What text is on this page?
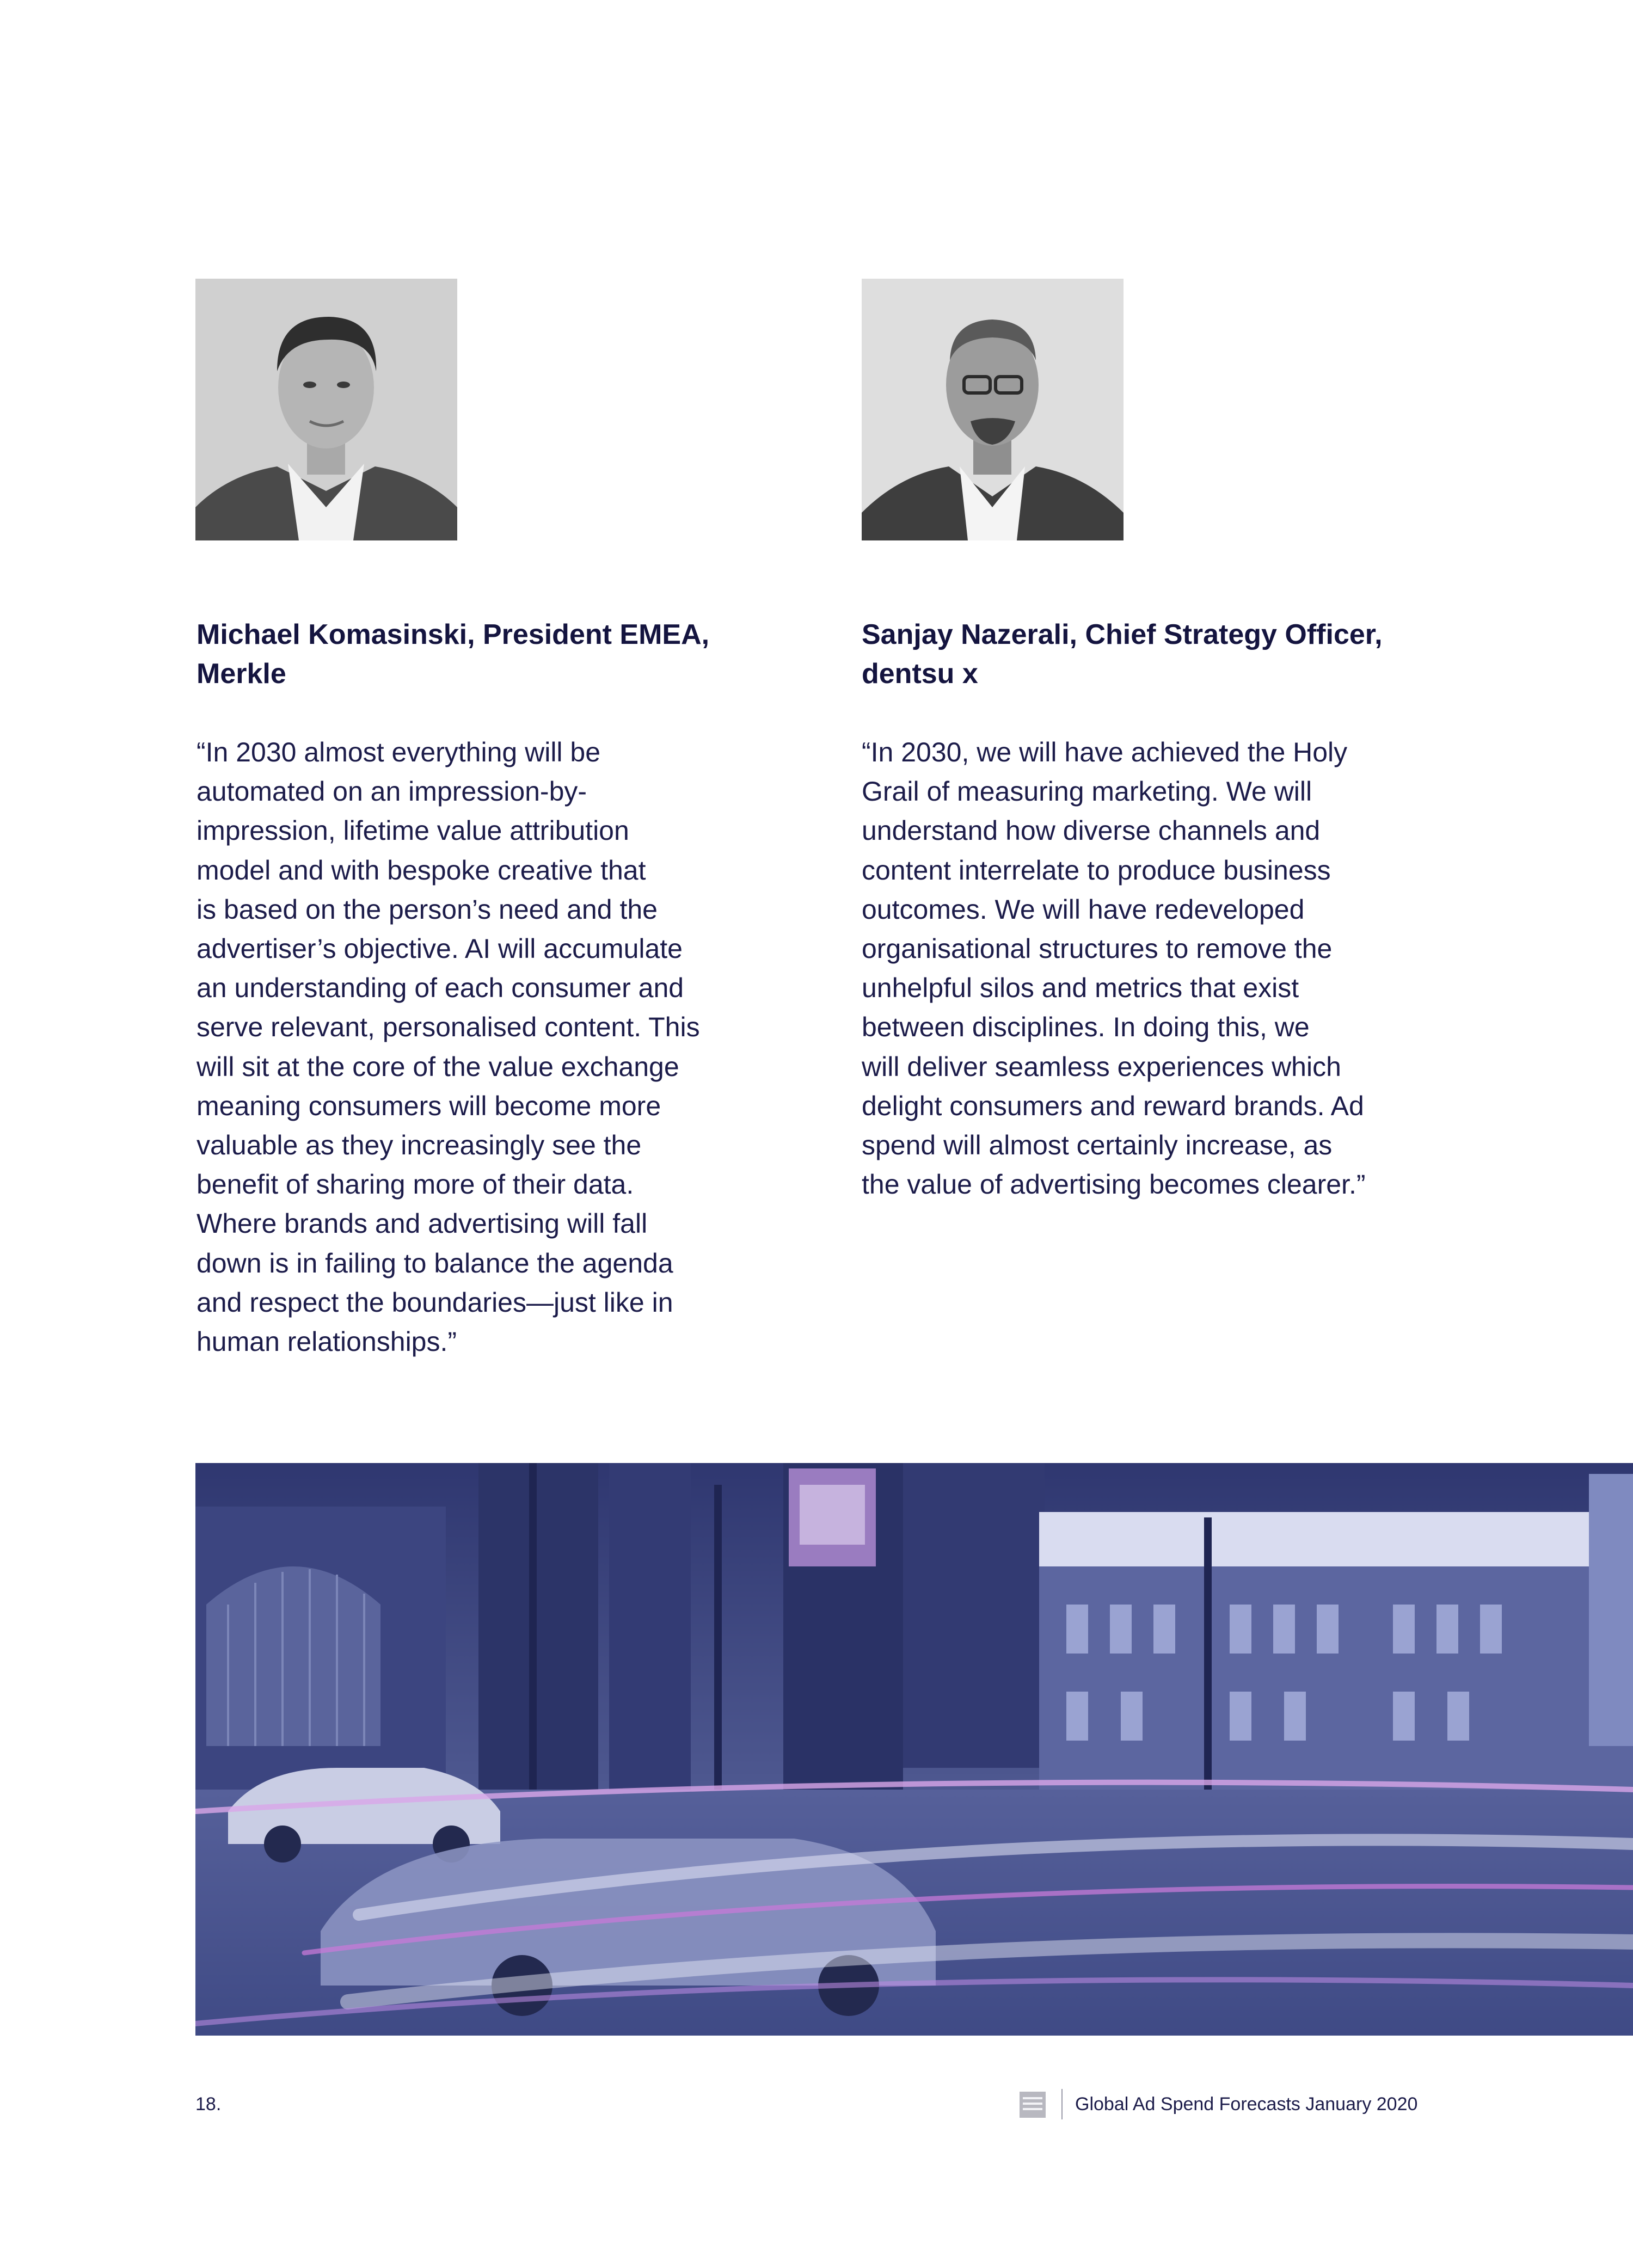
Michael Komasinski, President EMEA,
Merkle
Sanjay Nazerali, Chief Strategy Officer,
dentsu x
“In 2030 almost everything will be
automated on an impression-by-
impression, lifetime value attribution
model and with bespoke creative that
is based on the person’s need and the
advertiser’s objective. AI will accumulate
an understanding of each consumer and
serve relevant, personalised content. This
will sit at the core of the value exchange
meaning consumers will become more
valuable as they increasingly see the
benefit of sharing more of their data.
Where brands and advertising will fall
down is in failing to balance the agenda
and respect the boundaries—just like in
human relationships.”
“In 2030, we will have achieved the Holy
Grail of measuring marketing. We will
understand how diverse channels and
content interrelate to produce business
outcomes. We will have redeveloped
organisational structures to remove the
unhelpful silos and metrics that exist
between disciplines. In doing this, we
will deliver seamless experiences which
delight consumers and reward brands. Ad
spend will almost certainly increase, as
the value of advertising becomes clearer.”
18.	Global Ad Spend Forecasts January 2020
